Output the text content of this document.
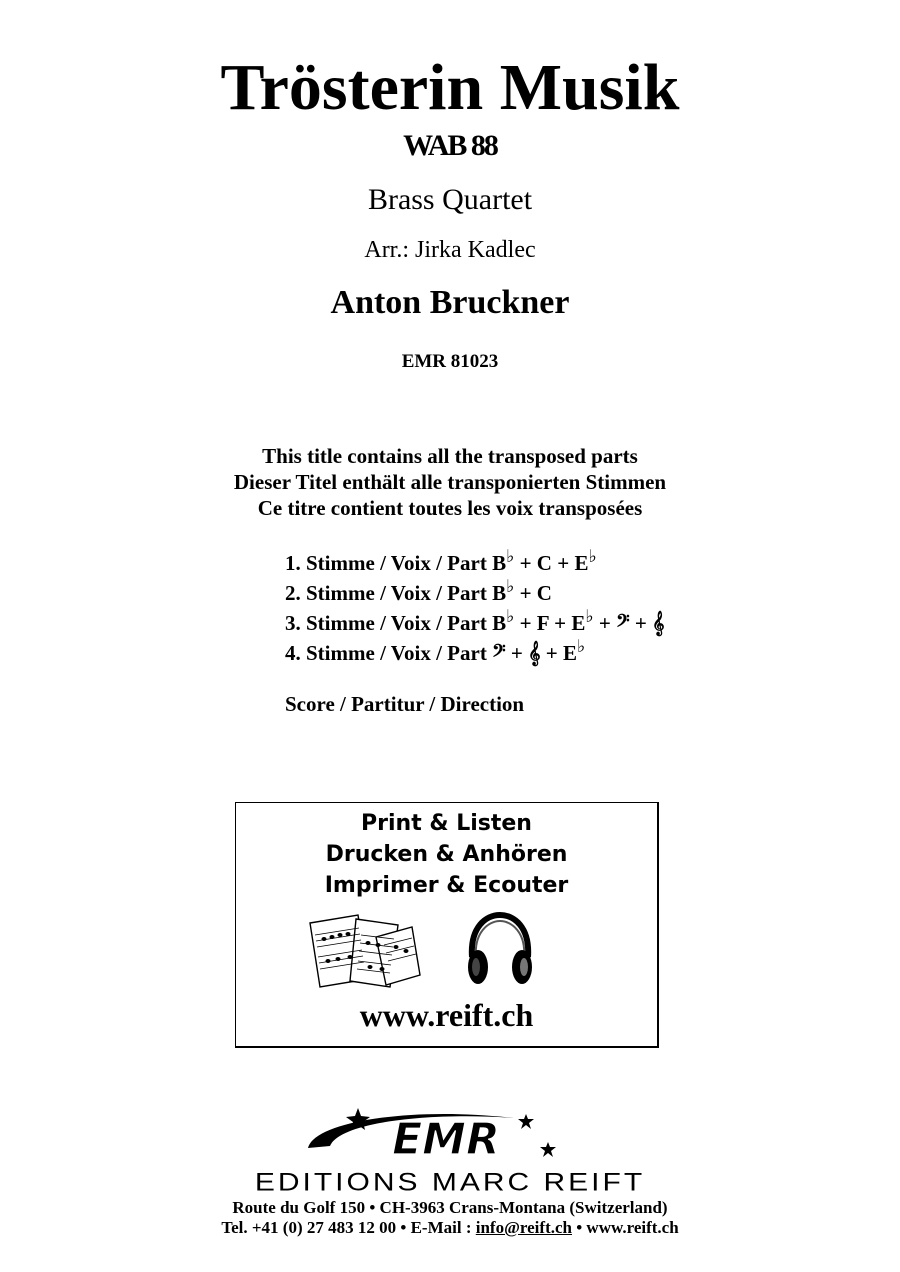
Trösterin Musik
WAB 88
Brass Quartet
Arr.: Jirka Kadlec
Anton Bruckner
EMR 81023
This title contains all the transposed parts
Dieser Titel enthält alle transponierten Stimmen
Ce titre contient toutes les voix transposées
1. Stimme / Voix / Part B♭ + C + E♭
2. Stimme / Voix / Part B♭ + C
3. Stimme / Voix / Part B♭ + F + E♭ + 𝄢 + 𝄞
4. Stimme / Voix / Part 𝄢 + 𝄞 + E♭
Score / Partitur / Direction
Print & Listen
Drucken & Anhören
Imprimer & Ecouter
www.reift.ch
EMR
EDITIONS MARC REIFT
Route du Golf 150 • CH-3963 Crans-Montana (Switzerland)
Tel. +41 (0) 27 483 12 00 • E-Mail : info@reift.ch • www.reift.ch
